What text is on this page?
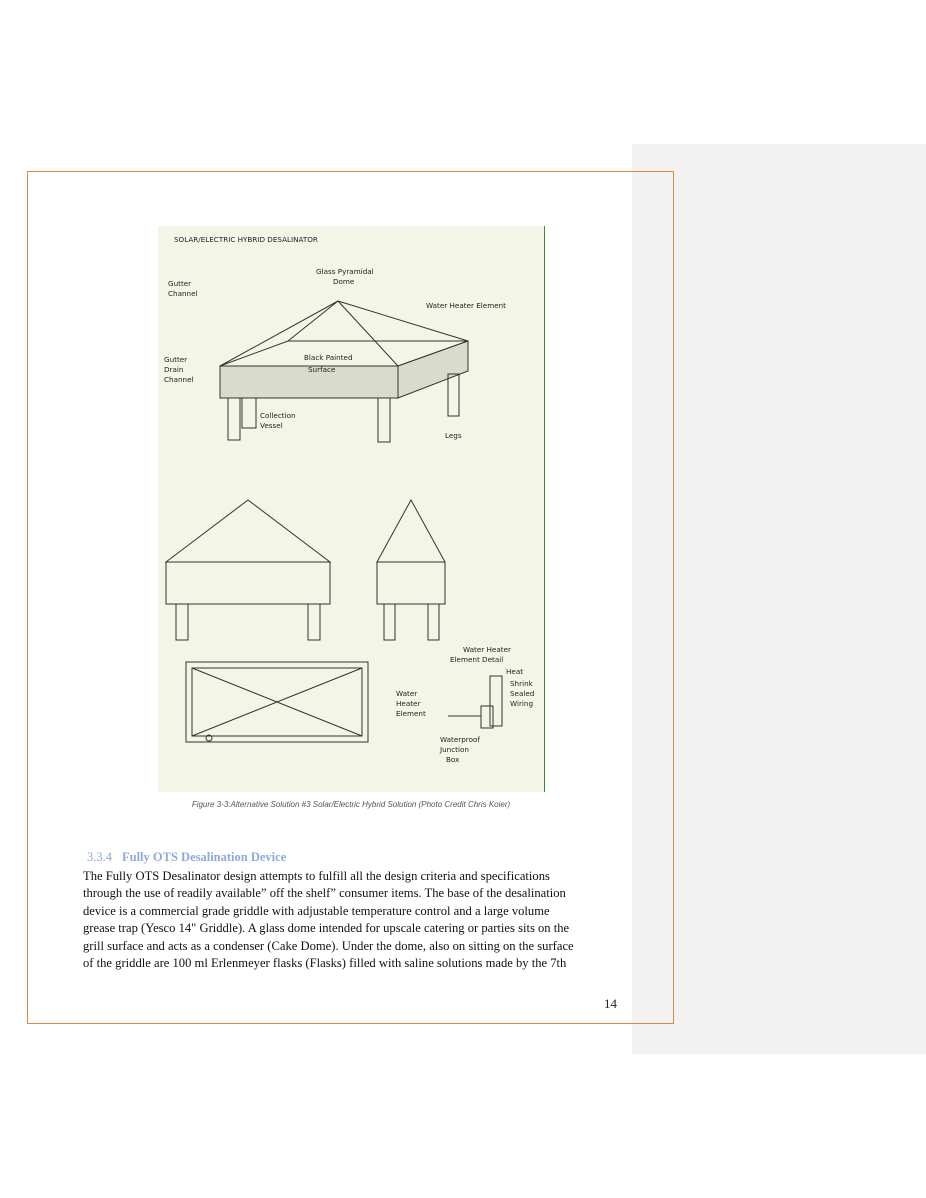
SOLAR/ELECTRIC HYBRID DESALINATOR
Gutter
Channel
Glass Pyramidal
Dome
Water Heater Element
Gutter
Drain
Channel
Black Painted
Surface
Collection
Vessel
Legs
Water Heater
Element Detail
Heat
Shrink
Sealed
Wiring
Water
Heater
Element
Waterproof
Junction
Box
Figure 3-3:Alternative Solution #3 Solar/Electric Hybrid Solution (Photo Credit Chris Koier)
3.3.4 Fully OTS Desalination Device
The Fully OTS Desalinator design attempts to fulfill all the design criteria and specifications
through the use of readily available” off the shelf” consumer items. The base of the desalination
device is a commercial grade griddle with adjustable temperature control and a large volume
grease trap (Yesco 14" Griddle). A glass dome intended for upscale catering or parties sits on the
grill surface and acts as a condenser (Cake Dome). Under the dome, also on sitting on the surface
of the griddle are 100 ml Erlenmeyer flasks (Flasks) filled with saline solutions made by the 7th
14
